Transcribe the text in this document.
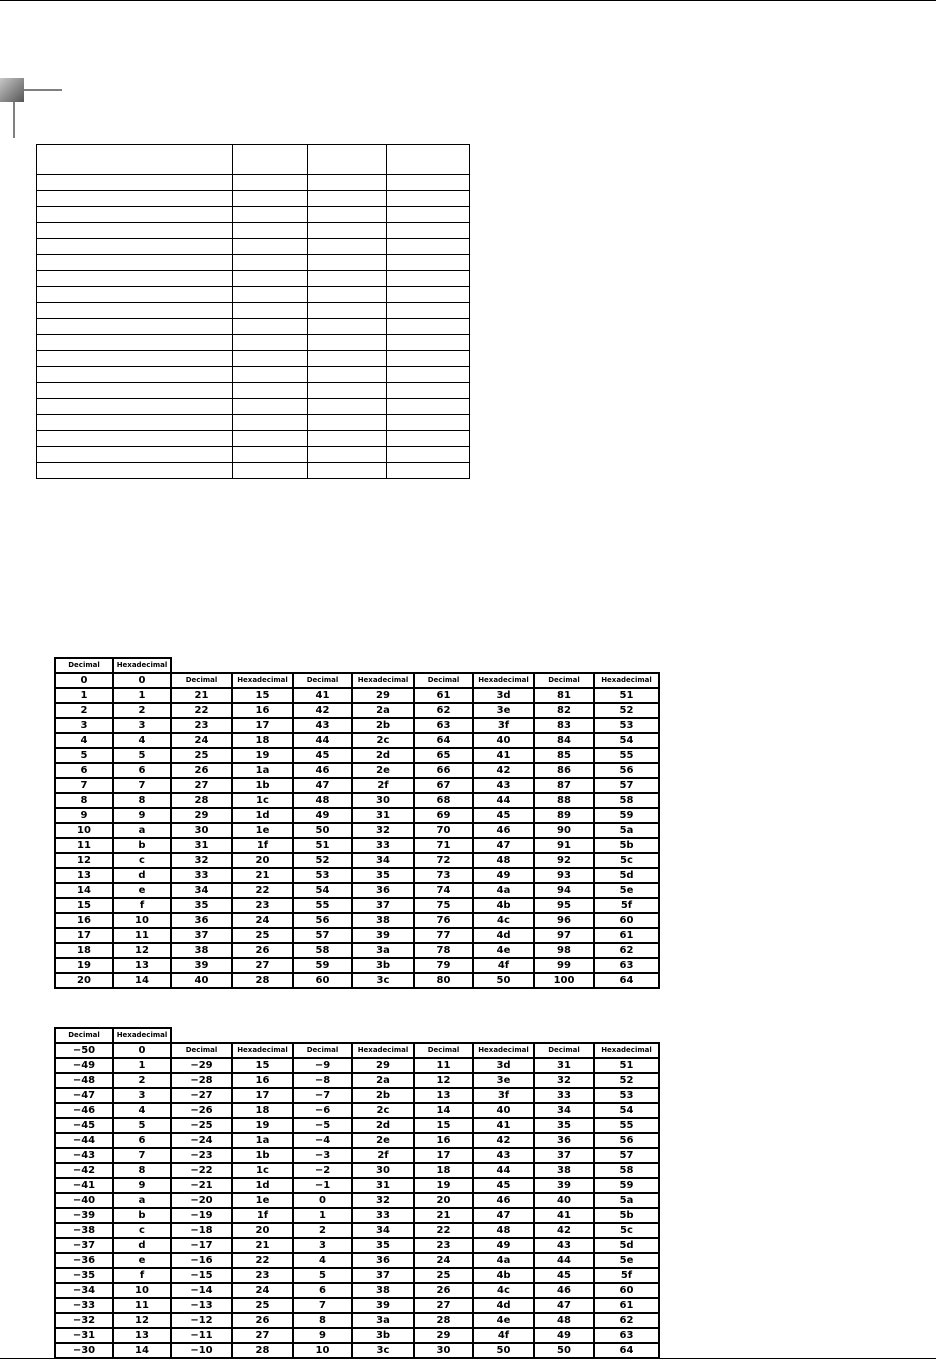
Decimal	Hexadecimal								
0	0	Decimal	Hexadecimal	Decimal	Hexadecimal	Decimal	Hexadecimal	Decimal	Hexadecimal
1	1	21	15	41	29	61	3d	81	51
2	2	22	16	42	2a	62	3e	82	52
3	3	23	17	43	2b	63	3f	83	53
4	4	24	18	44	2c	64	40	84	54
5	5	25	19	45	2d	65	41	85	55
6	6	26	1a	46	2e	66	42	86	56
7	7	27	1b	47	2f	67	43	87	57
8	8	28	1c	48	30	68	44	88	58
9	9	29	1d	49	31	69	45	89	59
10	a	30	1e	50	32	70	46	90	5a
11	b	31	1f	51	33	71	47	91	5b
12	c	32	20	52	34	72	48	92	5c
13	d	33	21	53	35	73	49	93	5d
14	e	34	22	54	36	74	4a	94	5e
15	f	35	23	55	37	75	4b	95	5f
16	10	36	24	56	38	76	4c	96	60
17	11	37	25	57	39	77	4d	97	61
18	12	38	26	58	3a	78	4e	98	62
19	13	39	27	59	3b	79	4f	99	63
20	14	40	28	60	3c	80	50	100	64
Decimal	Hexadecimal								
−50	0	Decimal	Hexadecimal	Decimal	Hexadecimal	Decimal	Hexadecimal	Decimal	Hexadecimal
−49	1	−29	15	−9	29	11	3d	31	51
−48	2	−28	16	−8	2a	12	3e	32	52
−47	3	−27	17	−7	2b	13	3f	33	53
−46	4	−26	18	−6	2c	14	40	34	54
−45	5	−25	19	−5	2d	15	41	35	55
−44	6	−24	1a	−4	2e	16	42	36	56
−43	7	−23	1b	−3	2f	17	43	37	57
−42	8	−22	1c	−2	30	18	44	38	58
−41	9	−21	1d	−1	31	19	45	39	59
−40	a	−20	1e	0	32	20	46	40	5a
−39	b	−19	1f	1	33	21	47	41	5b
−38	c	−18	20	2	34	22	48	42	5c
−37	d	−17	21	3	35	23	49	43	5d
−36	e	−16	22	4	36	24	4a	44	5e
−35	f	−15	23	5	37	25	4b	45	5f
−34	10	−14	24	6	38	26	4c	46	60
−33	11	−13	25	7	39	27	4d	47	61
−32	12	−12	26	8	3a	28	4e	48	62
−31	13	−11	27	9	3b	29	4f	49	63
−30	14	−10	28	10	3c	30	50	50	64
